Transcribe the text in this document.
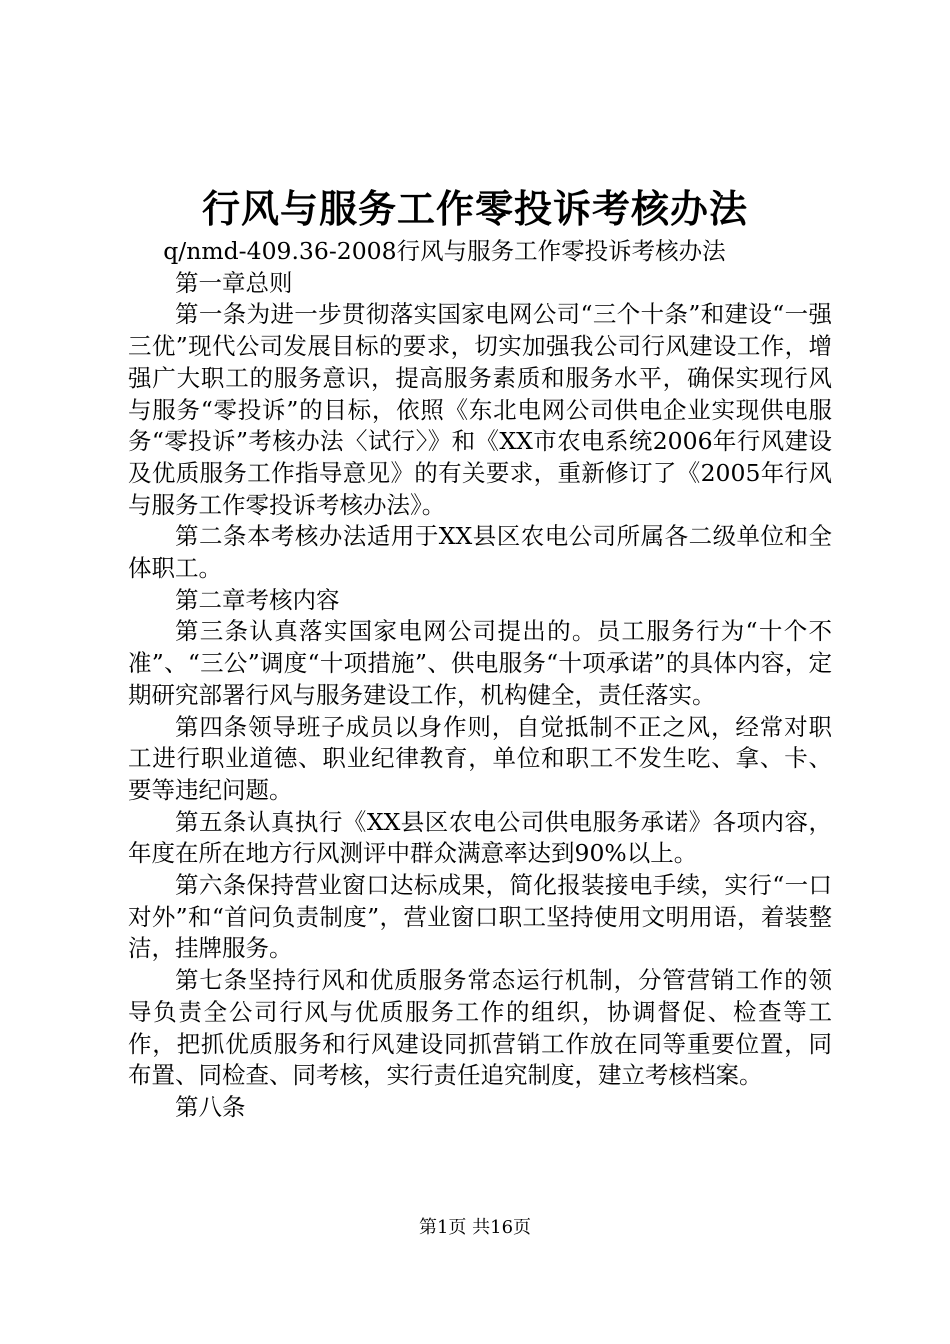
行风与服务工作零投诉考核办法

q/nmd-409.36-2008行风与服务工作零投诉考核办法

第一章总则

第一条为进一步贯彻落实国家电网公司“三个十条”和建设“一强三优”现代公司发展目标的要求，切实加强我公司行风建设工作，增强广大职工的服务意识，提高服务素质和服务水平，确保实现行风与服务“零投诉”的目标，依照《东北电网公司供电企业实现供电服务“零投诉”考核办法〈试行〉》和《XX市农电系统2006年行风建设及优质服务工作指导意见》的有关要求，重新修订了《2005年行风与服务工作零投诉考核办法》。

第二条本考核办法适用于XX县区农电公司所属各二级单位和全体职工。

第二章考核内容

第三条认真落实国家电网公司提出的。员工服务行为“十个不准”、“三公”调度“十项措施”、供电服务“十项承诺”的具体内容，定期研究部署行风与服务建设工作，机构健全，责任落实。

第四条领导班子成员以身作则，自觉抵制不正之风，经常对职工进行职业道德、职业纪律教育，单位和职工不发生吃、拿、卡、要等违纪问题。

第五条认真执行《XX县区农电公司供电服务承诺》各项内容，年度在所在地方行风测评中群众满意率达到90%以上。

第六条保持营业窗口达标成果，简化报装接电手续，实行“一口对外”和“首问负责制度”，营业窗口职工坚持使用文明用语，着装整洁，挂牌服务。

第七条坚持行风和优质服务常态运行机制，分管营销工作的领导负责全公司行风与优质服务工作的组织，协调督促、检查等工作，把抓优质服务和行风建设同抓营销工作放在同等重要位置，同布置、同检查、同考核，实行责任追究制度，建立考核档案。

第八条

第1页 共16页
